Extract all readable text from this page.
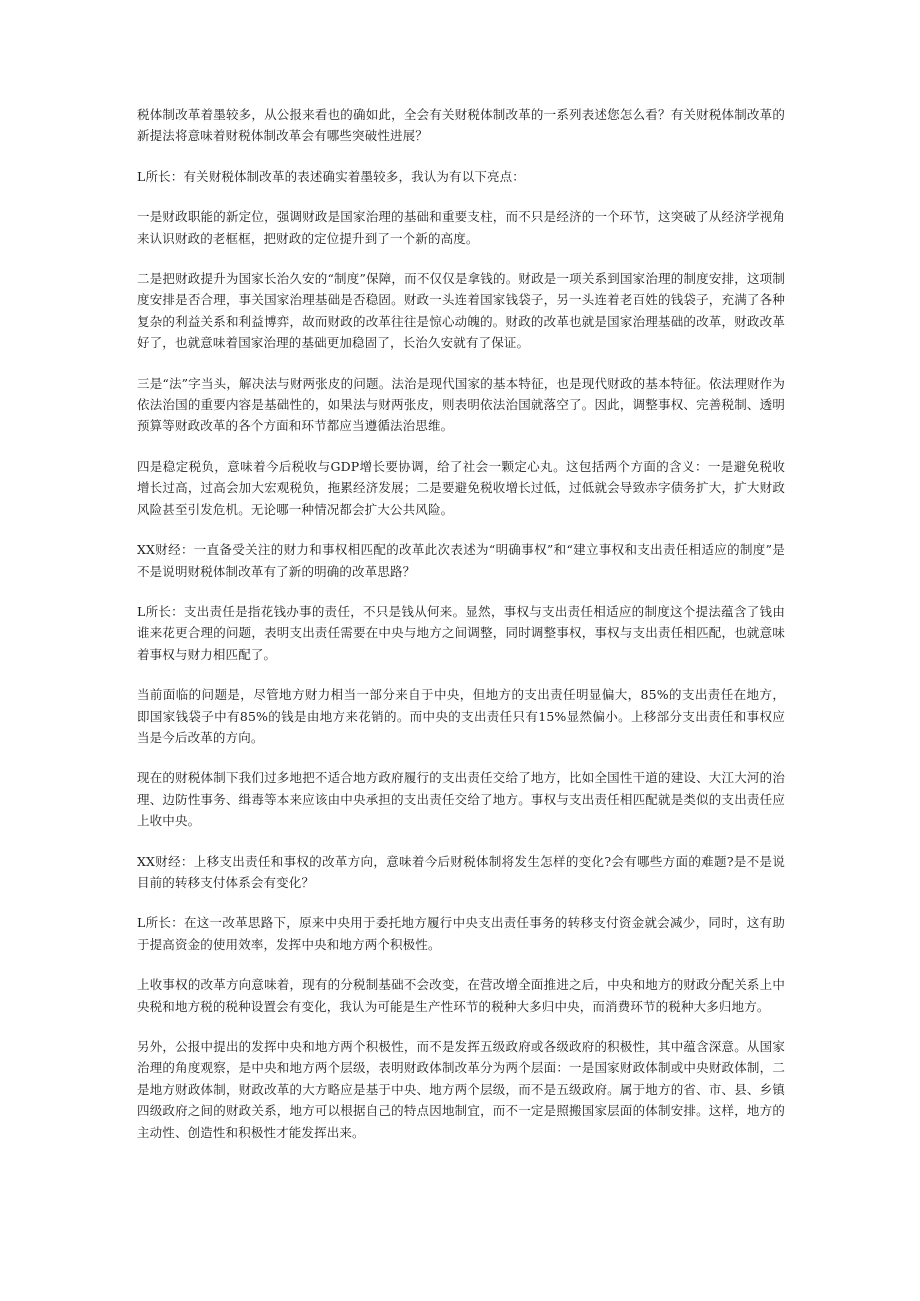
税体制改革着墨较多，从公报来看也的确如此，全会有关财税体制改革的一系列表述您怎么看？有关财税体制改革的新提法将意味着财税体制改革会有哪些突破性进展？

L所长：有关财税体制改革的表述确实着墨较多，我认为有以下亮点：

一是财政职能的新定位，强调财政是国家治理的基础和重要支柱，而不只是经济的一个环节，这突破了从经济学视角来认识财政的老框框，把财政的定位提升到了一个新的高度。

二是把财政提升为国家长治久安的“制度”保障，而不仅仅是拿钱的。财政是一项关系到国家治理的制度安排，这项制度安排是否合理，事关国家治理基础是否稳固。财政一头连着国家钱袋子，另一头连着老百姓的钱袋子，充满了各种复杂的利益关系和利益博弈，故而财政的改革往往是惊心动魄的。财政的改革也就是国家治理基础的改革，财政改革好了，也就意味着国家治理的基础更加稳固了，长治久安就有了保证。

三是“法”字当头，解决法与财两张皮的问题。法治是现代国家的基本特征，也是现代财政的基本特征。依法理财作为依法治国的重要内容是基础性的，如果法与财两张皮，则表明依法治国就落空了。因此，调整事权、完善税制、透明预算等财政改革的各个方面和环节都应当遵循法治思维。

四是稳定税负，意味着今后税收与GDP增长要协调，给了社会一颗定心丸。这包括两个方面的含义：一是避免税收增长过高，过高会加大宏观税负，拖累经济发展；二是要避免税收增长过低，过低就会导致赤字债务扩大，扩大财政风险甚至引发危机。无论哪一种情况都会扩大公共风险。

XX财经：一直备受关注的财力和事权相匹配的改革此次表述为“明确事权”和“建立事权和支出责任相适应的制度”是不是说明财税体制改革有了新的明确的改革思路？

L所长：支出责任是指花钱办事的责任，不只是钱从何来。显然，事权与支出责任相适应的制度这个提法蕴含了钱由谁来花更合理的问题，表明支出责任需要在中央与地方之间调整，同时调整事权，事权与支出责任相匹配，也就意味着事权与财力相匹配了。

当前面临的问题是，尽管地方财力相当一部分来自于中央，但地方的支出责任明显偏大，85%的支出责任在地方，即国家钱袋子中有85%的钱是由地方来花销的。而中央的支出责任只有15%显然偏小。上移部分支出责任和事权应当是今后改革的方向。

现在的财税体制下我们过多地把不适合地方政府履行的支出责任交给了地方，比如全国性干道的建设、大江大河的治理、边防性事务、缉毒等本来应该由中央承担的支出责任交给了地方。事权与支出责任相匹配就是类似的支出责任应上收中央。

XX财经：上移支出责任和事权的改革方向，意味着今后财税体制将发生怎样的变化?会有哪些方面的难题?是不是说目前的转移支付体系会有变化？

L所长：在这一改革思路下，原来中央用于委托地方履行中央支出责任事务的转移支付资金就会减少，同时，这有助于提高资金的使用效率，发挥中央和地方两个积极性。

上收事权的改革方向意味着，现有的分税制基础不会改变，在营改增全面推进之后，中央和地方的财政分配关系上中央税和地方税的税种设置会有变化，我认为可能是生产性环节的税种大多归中央，而消费环节的税种大多归地方。

另外，公报中提出的发挥中央和地方两个积极性，而不是发挥五级政府或各级政府的积极性，其中蕴含深意。从国家治理的角度观察，是中央和地方两个层级，表明财政体制改革分为两个层面：一是国家财政体制或中央财政体制，二是地方财政体制，财政改革的大方略应是基于中央、地方两个层级，而不是五级政府。属于地方的省、市、县、乡镇四级政府之间的财政关系，地方可以根据自己的特点因地制宜，而不一定是照搬国家层面的体制安排。这样，地方的主动性、创造性和积极性才能发挥出来。
